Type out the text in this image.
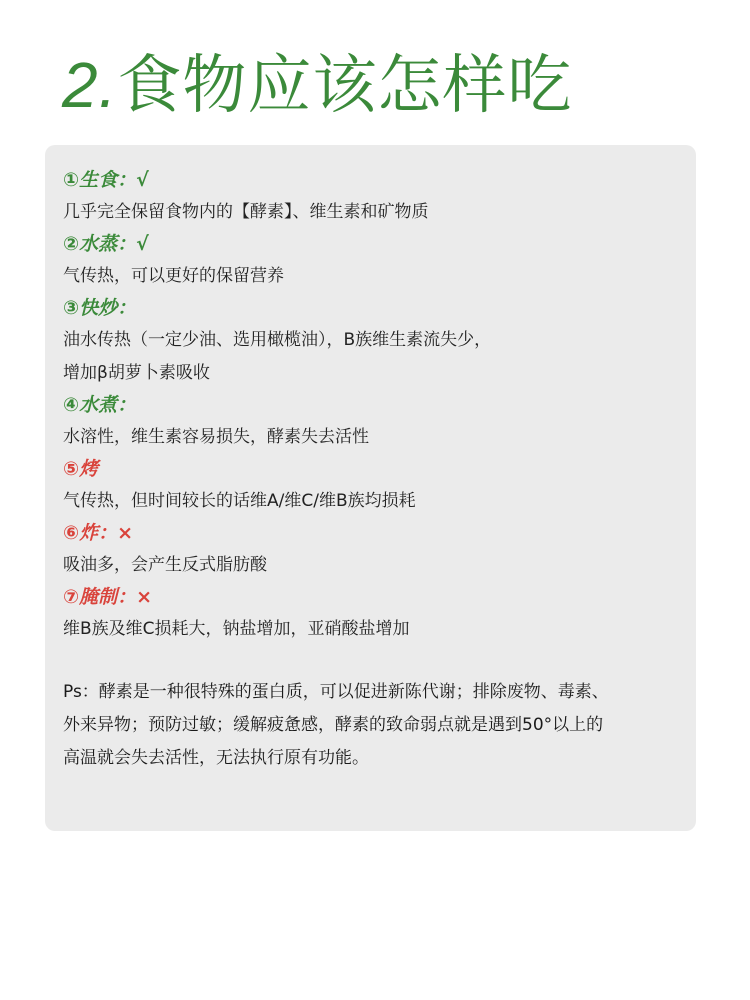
2.食物应该怎样吃
①生食：√
几乎完全保留食物内的【酵素】、维生素和矿物质
②水蒸：√
气传热，可以更好的保留营养
③快炒：
油水传热（一定少油、选用橄榄油），B族维生素流失少，
增加β胡萝卜素吸收
④水煮：
水溶性，维生素容易损失，酵素失去活性
⑤烤
气传热，但时间较长的话维A/维C/维B族均损耗
⑥炸：×
吸油多，会产生反式脂肪酸
⑦腌制：×
维B族及维C损耗大，钠盐增加，亚硝酸盐增加
Ps：酵素是一种很特殊的蛋白质，可以促进新陈代谢；排除废物、毒素、
外来异物；预防过敏；缓解疲惫感，酵素的致命弱点就是遇到50°以上的
高温就会失去活性，无法执行原有功能。
